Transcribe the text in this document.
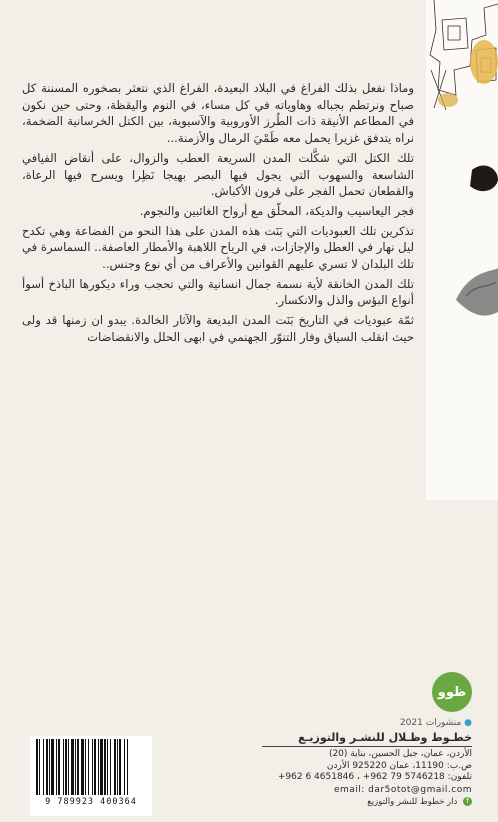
وماذا نفعل بذلك الفراغ في البلاد البعيدة، الفراغ الذي نتعثر بصخوره المسننة كل صباح ونرتطم بجباله وهاوياته في كل مساء، في النوم واليقظة، وحتى حين نكون في المطاعم الأنيقة ذات الطُرز الأوروبية والآسيوية، بين الكتل الخرسانية الضخمة، نراه يتدفق غزيرا يحمل معه طَمْيَ الرمال والأزمنة...

تلك الكتل التي شكَّلت المدن السريعة العطب والزوال، على أنقاض الفيافي الشاسعة والسهوب التي يجول فيها البصر بهيجا نَظِرا ويسرح فيها الرعاة، والقطعان تحمل الفجر على قرون الأكباش.

فجر اليعاسيب والديكة، المحلّق مع أرواح الغائبين والنجوم.

تذكرين تلك العبوديات التي بَنَت هذه المدن على هذا النحو من الفضاعة وهي تكدح ليل نهار في العطل والإجازات، في الرياح اللاهبة والأمطار العاصفة.. السماسرة في تلك البلدان لا تسري عليهم القوانين والأعراف من أي نوع وجنس..

تلك المدن الخانقة لأية نسمة جمال انسانية والتي تحجب وراء ديكورها الباذخ أسوأ أنواع البؤس والذل والانكسار.

ثمّة عبوديات في التاريخ بَنَت المدن البديعة والآثار الخالدة. يبدو ان زمنها قد ولى حيث انقلب السياق وفار التنوّر الجهنمي في ابهى الحلل والانقضاضات

ظوو
● منشورات 2021
خطـوط وظـلال للنشـر والتوزيـع
الأردن، عمان، جبل الحسين، بناية (20)
ص.ب: 11190، عمان 925220 الأردن
تلفون: 5746218 79 962+ ، 4651846 6 962+
email: dar5otot@gmail.com
f دار خطوط للنشر والتوزيع
9 789923 400364
